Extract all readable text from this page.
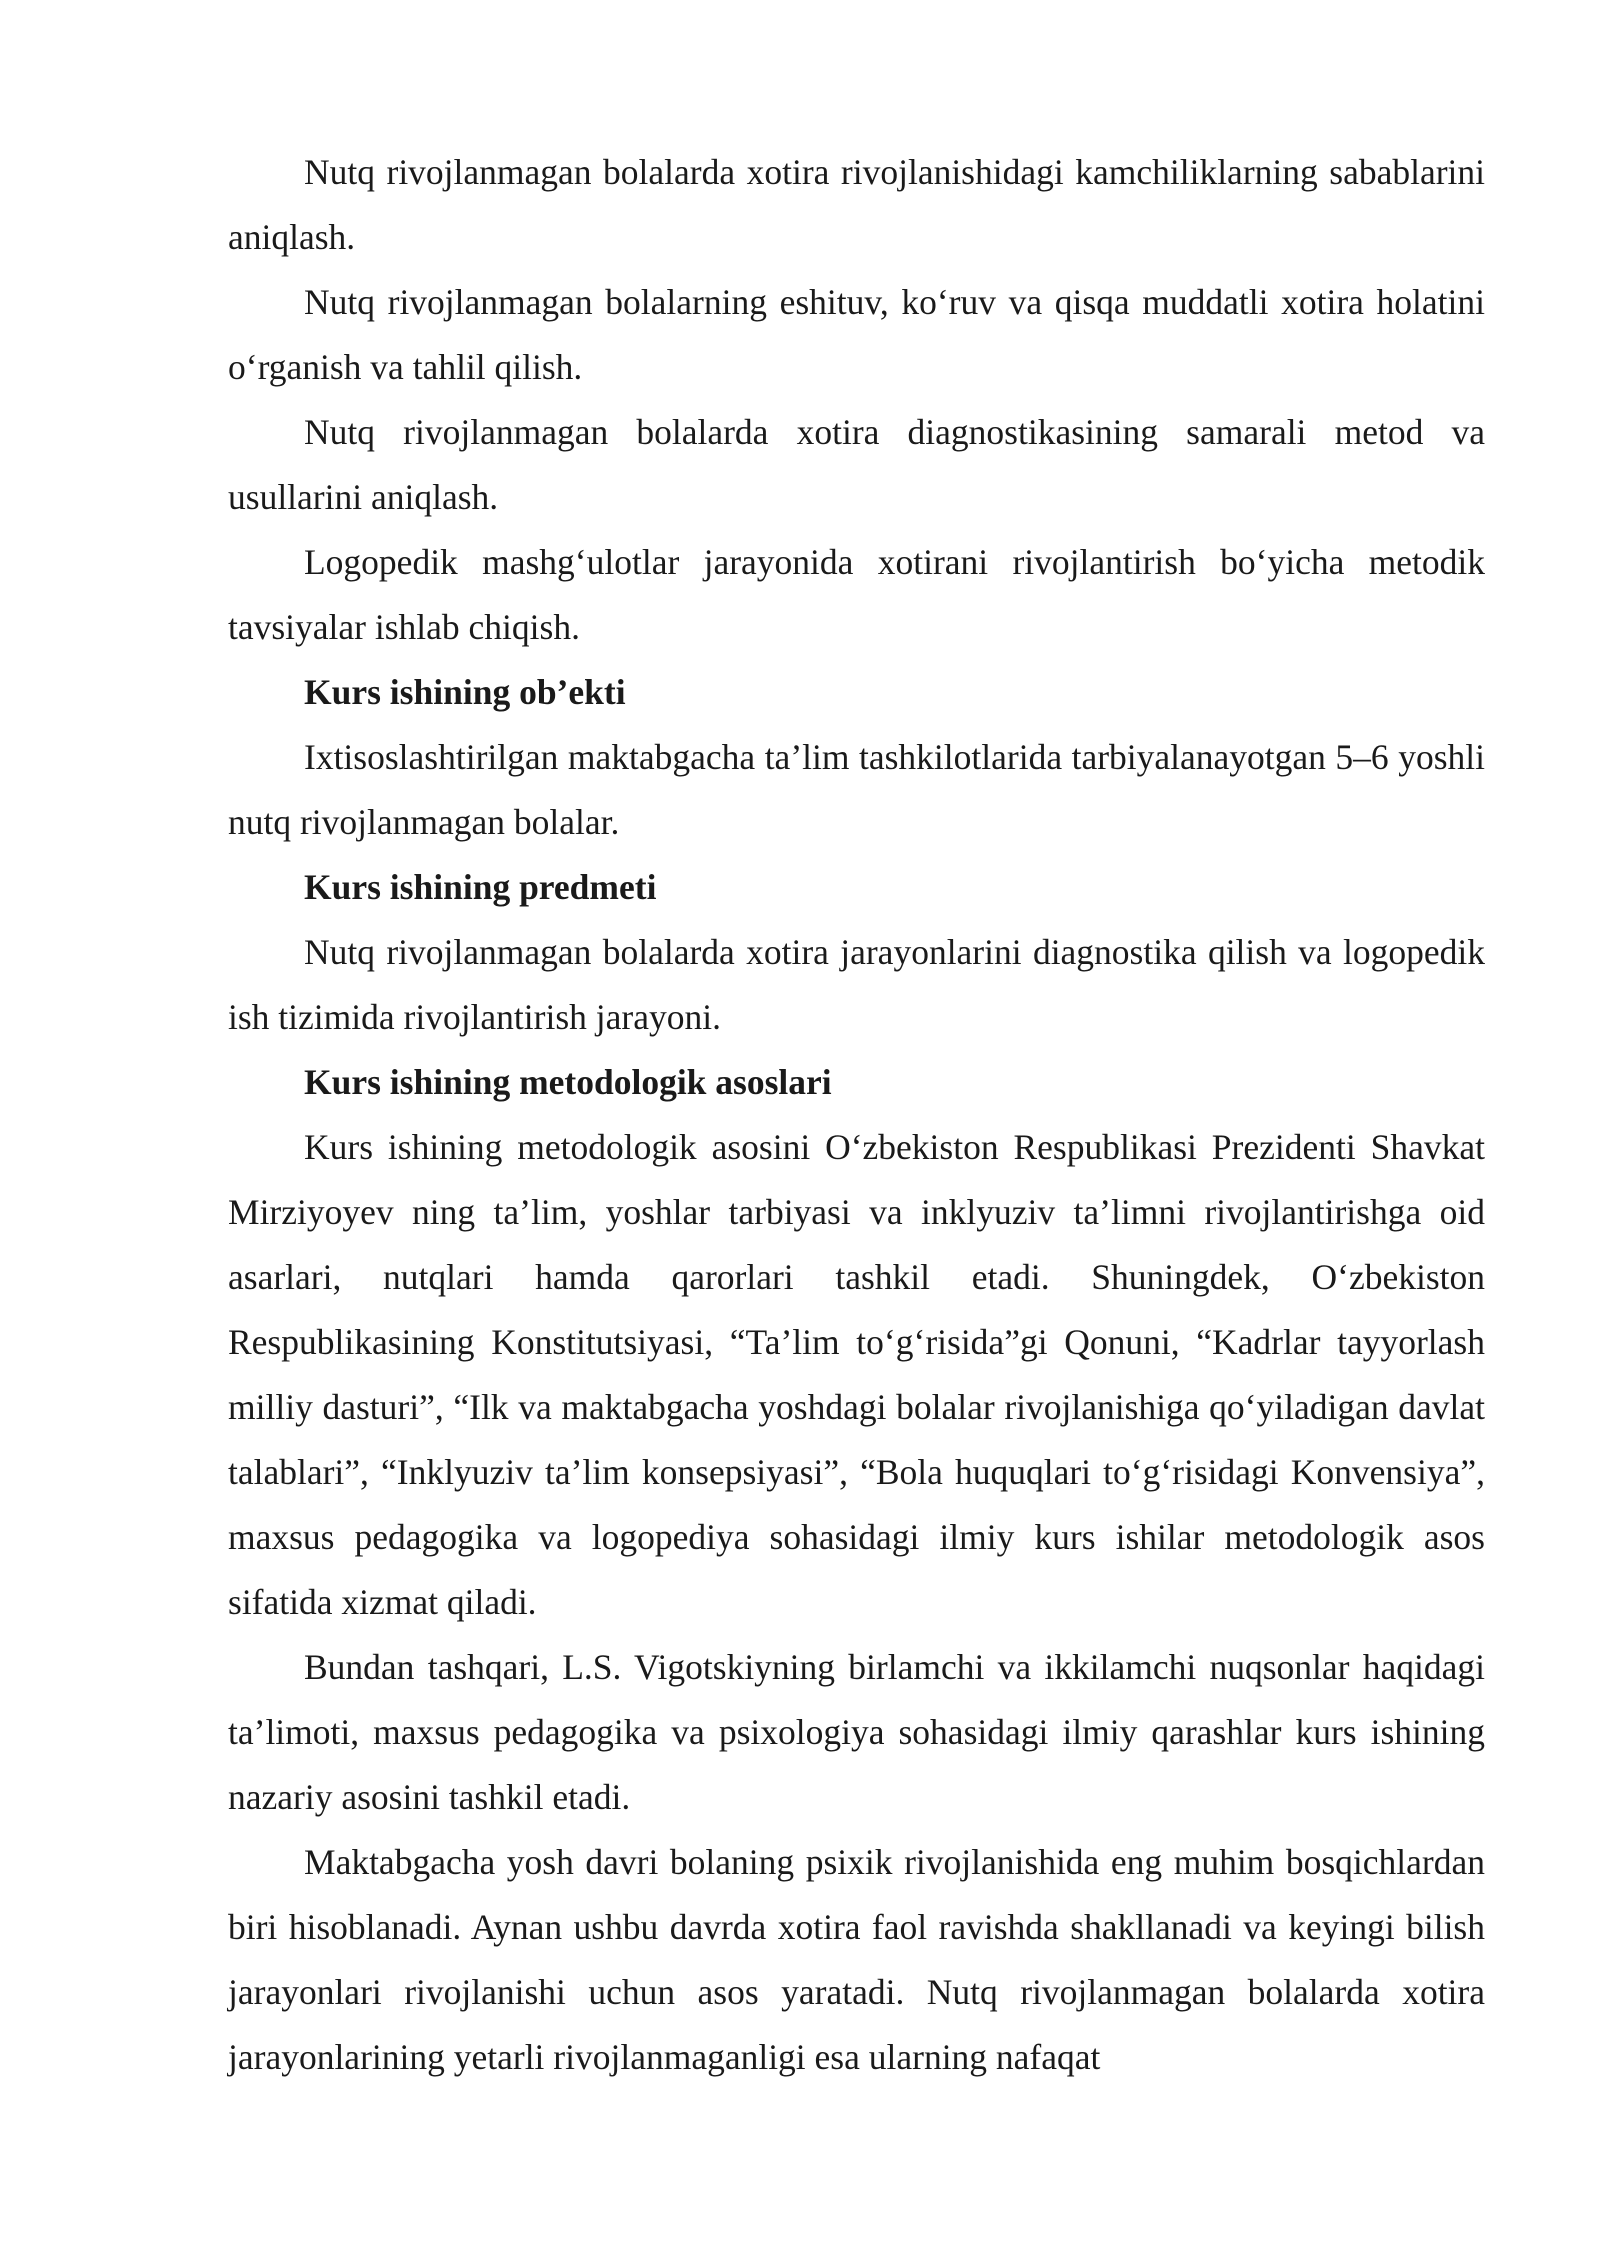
Nutq rivojlanmagan bolalarda xotira rivojlanishidagi kamchiliklarning sabablarini aniqlash.

Nutq rivojlanmagan bolalarning eshituv, ko‘ruv va qisqa muddatli xotira holatini o‘rganish va tahlil qilish.

Nutq rivojlanmagan bolalarda xotira diagnostikasining samarali metod va usullarini aniqlash.

Logopedik mashg‘ulotlar jarayonida xotirani rivojlantirish bo‘yicha metodik tavsiyalar ishlab chiqish.

Kurs ishining ob’ekti

Ixtisoslashtirilgan maktabgacha ta’lim tashkilotlarida tarbiyalanayotgan 5–6 yoshli nutq rivojlanmagan bolalar.

Kurs ishining predmeti

Nutq rivojlanmagan bolalarda xotira jarayonlarini diagnostika qilish va logopedik ish tizimida rivojlantirish jarayoni.

Kurs ishining metodologik asoslari

Kurs ishining metodologik asosini O‘zbekiston Respublikasi Prezidenti Shavkat Mirziyoyev ning ta’lim, yoshlar tarbiyasi va inklyuziv ta’limni rivojlantirishga oid asarlari, nutqlari hamda qarorlari tashkil etadi. Shuningdek, O‘zbekiston Respublikasining Konstitutsiyasi, “Ta’lim to‘g‘risida”gi Qonuni, “Kadrlar tayyorlash milliy dasturi”, “Ilk va maktabgacha yoshdagi bolalar rivojlanishiga qo‘yiladigan davlat talablari”, “Inklyuziv ta’lim konsepsiyasi”, “Bola huquqlari to‘g‘risidagi Konvensiya”, maxsus pedagogika va logopediya sohasidagi ilmiy kurs ishilar metodologik asos sifatida xizmat qiladi.

Bundan tashqari, L.S. Vigotskiyning birlamchi va ikkilamchi nuqsonlar haqidagi ta’limoti, maxsus pedagogika va psixologiya sohasidagi ilmiy qarashlar kurs ishining nazariy asosini tashkil etadi.

Maktabgacha yosh davri bolaning psixik rivojlanishida eng muhim bosqichlardan biri hisoblanadi. Aynan ushbu davrda xotira faol ravishda shakllanadi va keyingi bilish jarayonlari rivojlanishi uchun asos yaratadi. Nutq rivojlanmagan bolalarda xotira jarayonlarining yetarli rivojlanmaganligi esa ularning nafaqat
